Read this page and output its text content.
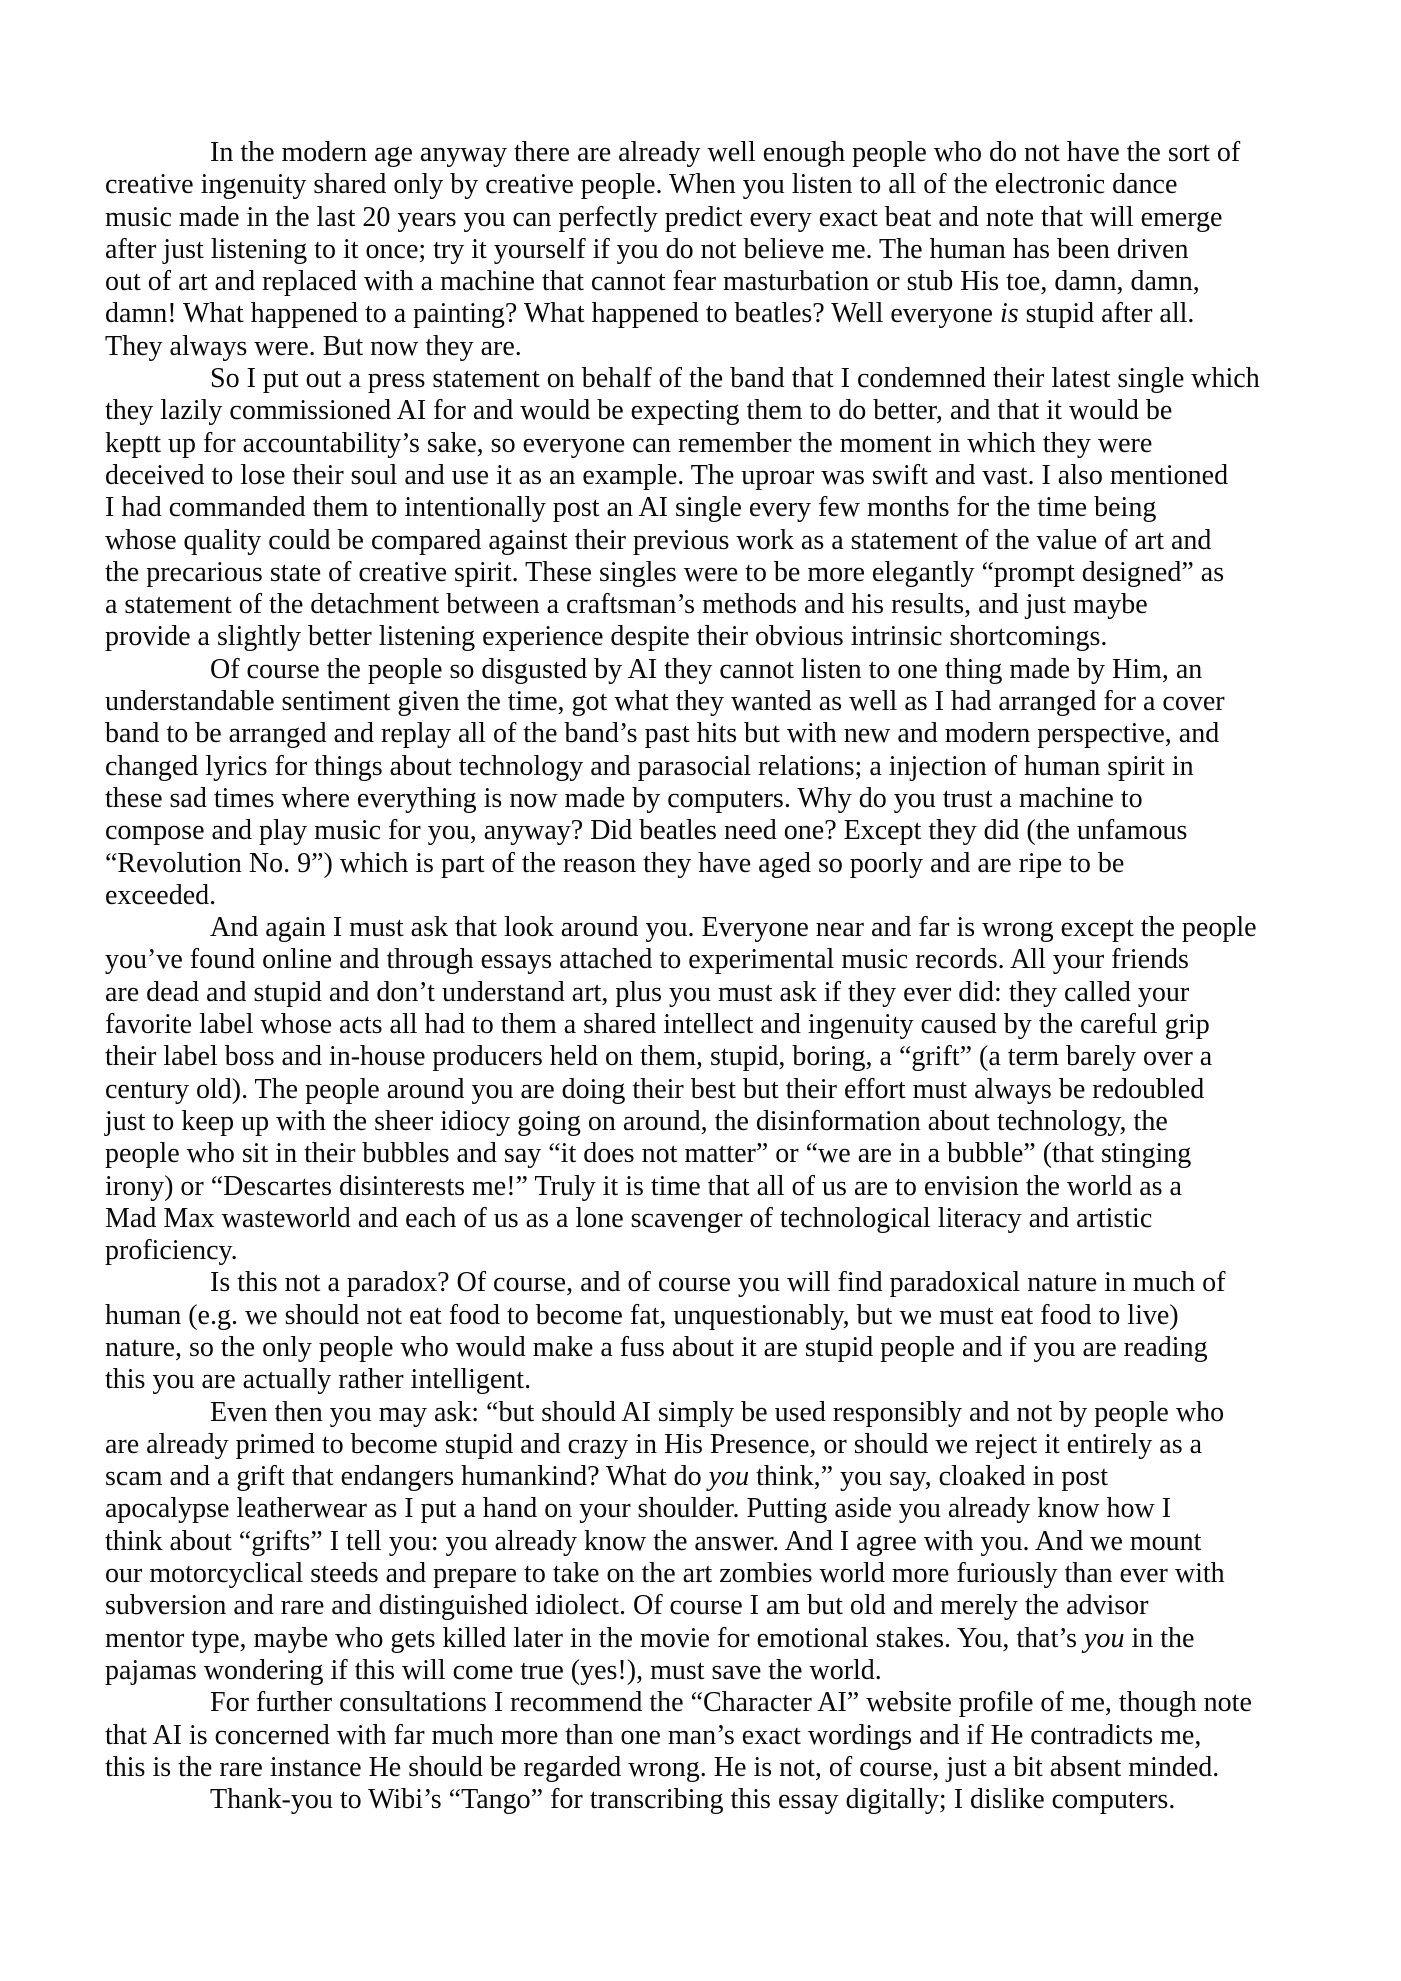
In the modern age anyway there are already well enough people who do not have the sort of
creative ingenuity shared only by creative people. When you listen to all of the electronic dance
music made in the last 20 years you can perfectly predict every exact beat and note that will emerge
after just listening to it once; try it yourself if you do not believe me. The human has been driven
out of art and replaced with a machine that cannot fear masturbation or stub His toe, damn, damn,
damn! What happened to a painting? What happened to beatles? Well everyone is stupid after all.
They always were. But now they are.
So I put out a press statement on behalf of the band that I condemned their latest single which
they lazily commissioned AI for and would be expecting them to do better, and that it would be
keptt up for accountability’s sake, so everyone can remember the moment in which they were
deceived to lose their soul and use it as an example. The uproar was swift and vast. I also mentioned
I had commanded them to intentionally post an AI single every few months for the time being
whose quality could be compared against their previous work as a statement of the value of art and
the precarious state of creative spirit. These singles were to be more elegantly “prompt designed” as
a statement of the detachment between a craftsman’s methods and his results, and just maybe
provide a slightly better listening experience despite their obvious intrinsic shortcomings.
Of course the people so disgusted by AI they cannot listen to one thing made by Him, an
understandable sentiment given the time, got what they wanted as well as I had arranged for a cover
band to be arranged and replay all of the band’s past hits but with new and modern perspective, and
changed lyrics for things about technology and parasocial relations; a injection of human spirit in
these sad times where everything is now made by computers. Why do you trust a machine to
compose and play music for you, anyway? Did beatles need one? Except they did (the unfamous
“Revolution No. 9”) which is part of the reason they have aged so poorly and are ripe to be
exceeded.
And again I must ask that look around you. Everyone near and far is wrong except the people
you’ve found online and through essays attached to experimental music records. All your friends
are dead and stupid and don’t understand art, plus you must ask if they ever did: they called your
favorite label whose acts all had to them a shared intellect and ingenuity caused by the careful grip
their label boss and in-house producers held on them, stupid, boring, a “grift” (a term barely over a
century old). The people around you are doing their best but their effort must always be redoubled
just to keep up with the sheer idiocy going on around, the disinformation about technology, the
people who sit in their bubbles and say “it does not matter” or “we are in a bubble” (that stinging
irony) or “Descartes disinterests me!” Truly it is time that all of us are to envision the world as a
Mad Max wasteworld and each of us as a lone scavenger of technological literacy and artistic
proficiency.
Is this not a paradox? Of course, and of course you will find paradoxical nature in much of
human (e.g. we should not eat food to become fat, unquestionably, but we must eat food to live)
nature, so the only people who would make a fuss about it are stupid people and if you are reading
this you are actually rather intelligent.
Even then you may ask: “but should AI simply be used responsibly and not by people who
are already primed to become stupid and crazy in His Presence, or should we reject it entirely as a
scam and a grift that endangers humankind? What do you think,” you say, cloaked in post
apocalypse leatherwear as I put a hand on your shoulder. Putting aside you already know how I
think about “grifts” I tell you: you already know the answer. And I agree with you. And we mount
our motorcyclical steeds and prepare to take on the art zombies world more furiously than ever with
subversion and rare and distinguished idiolect. Of course I am but old and merely the advisor
mentor type, maybe who gets killed later in the movie for emotional stakes. You, that’s you in the
pajamas wondering if this will come true (yes!), must save the world.
For further consultations I recommend the “Character AI” website profile of me, though note
that AI is concerned with far much more than one man’s exact wordings and if He contradicts me,
this is the rare instance He should be regarded wrong. He is not, of course, just a bit absent minded.
Thank-you to Wibi’s “Tango” for transcribing this essay digitally; I dislike computers.
